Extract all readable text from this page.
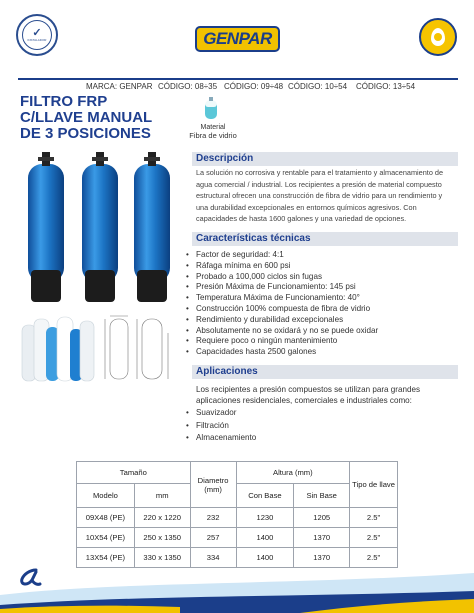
✓
INSTALADOR	GENPAR
MARCA: GENPAR CÓDIGO: 08÷35 CÓDIGO: 09÷48 CÓDIGO: 10÷54 CÓDIGO: 13÷54
FILTRO FRP
C/LLAVE MANUAL
DE 3 POSICIONES	Material
Fibra de vidrio
Descripción
La solución no corrosiva y rentable para el tratamiento y almacenamiento de
agua comercial / industrial. Los recipientes a presión de material compuesto
estructural ofrecen una construcción de fibra de vidrio para un rendimiento y
una durabilidad excepcionales en entornos químicos agresivos. Con
capacidades de hasta 1600 galones y una variedad de opciones.
Características técnicas
• Factor de seguridad: 4:1
• Ráfaga mínima en 600 psi
• Probado a 100,000 ciclos sin fugas
• Presión Máxima de Funcionamiento: 145 psi
• Temperatura Máxima de Funcionamiento: 40°
• Construcción 100% compuesta de fibra de vidrio
• Rendimiento y durabilidad excepcionales
• Absolutamente no se oxidará y no se puede oxidar
• Requiere poco o ningún mantenimiento
• Capacidades hasta 2500 galones
Aplicaciones
Los recipientes a presión compuestos se utilizan para grandes
aplicaciones residenciales, comerciales e industriales como:
• Suavizador
• Filtración
• Almacenamiento
Tamaño		Diametro
(mm)	Altura (mm)		Tipo de llave
Modelo	mm		Con Base	Sin Base	
09X48 (PE)	220 x 1220	232	1230	1205	2.5"
10X54 (PE)	250 x 1350	257	1400	1370	2.5"
13X54 (PE)	330 x 1350	334	1400	1370	2.5"
